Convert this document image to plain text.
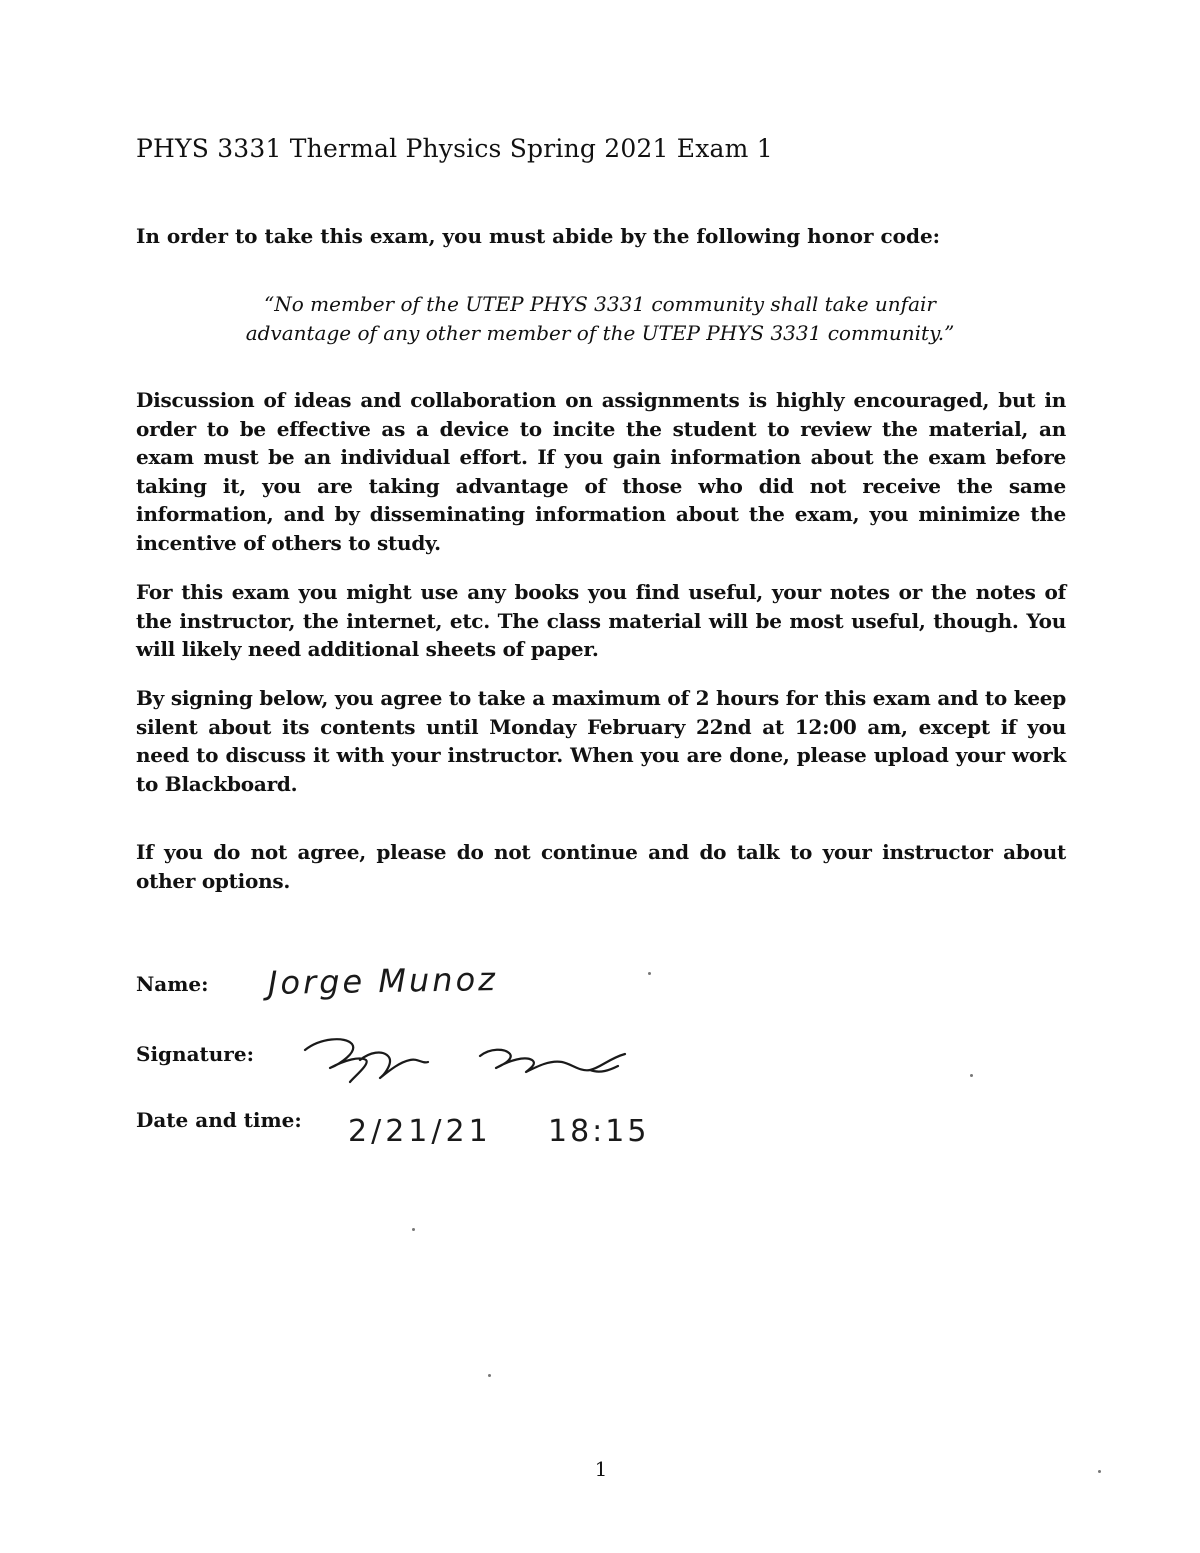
PHYS 3331 Thermal Physics Spring 2021 Exam 1
In order to take this exam, you must abide by the following honor code:
“No member of the UTEP PHYS 3331 community shall take unfair
advantage of any other member of the UTEP PHYS 3331 community.”
Discussion of ideas and collaboration on assignments is highly encouraged, but in order to be effective as a device to incite the student to review the material, an exam must be an individual effort. If you gain information about the exam before taking it, you are taking advantage of those who did not receive the same information, and by disseminating information about the exam, you minimize the incentive of others to study.
For this exam you might use any books you find useful, your notes or the notes of the instructor, the internet, etc. The class material will be most useful, though. You will likely need additional sheets of paper.
By signing below, you agree to take a maximum of 2 hours for this exam and to keep silent about its contents until Monday February 22nd at 12:00 am, except if you need to discuss it with your instructor. When you are done, please upload your work to Blackboard.
If you do not agree, please do not continue and do talk to your instructor about other options.
Name: Jorge Munoz
Signature:
Date and time: 2/21/21 18:15
1
